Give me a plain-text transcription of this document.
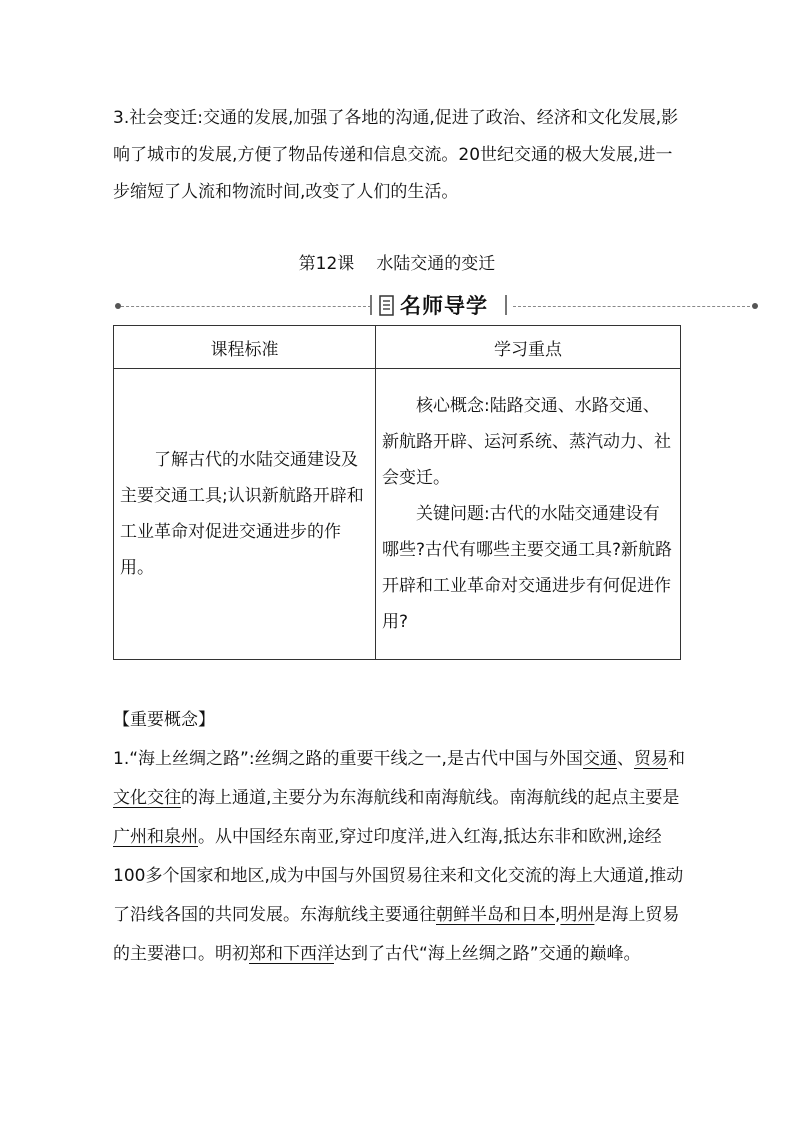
3.社会变迁:交通的发展,加强了各地的沟通,促进了政治、经济和文化发展,影响了城市的发展,方便了物品传递和信息交流。20世纪交通的极大发展,进一步缩短了人流和物流时间,改变了人们的生活。

第12课 水陆交通的变迁
名师导学
课程标准	学习重点

了解古代的水陆交通建设及主要交通工具;认识新航路开辟和工业革命对促进交通进步的作用。	核心概念:陆路交通、水路交通、新航路开辟、运河系统、蒸汽动力、社会变迁。

关键问题:古代的水陆交通建设有哪些?古代有哪些主要交通工具?新航路开辟和工业革命对交通进步有何促进作用?

【重要概念】

1.“海上丝绸之路”:丝绸之路的重要干线之一,是古代中国与外国交通、贸易和文化交往的海上通道,主要分为东海航线和南海航线。南海航线的起点主要是广州和泉州。从中国经东南亚,穿过印度洋,进入红海,抵达东非和欧洲,途经100多个国家和地区,成为中国与外国贸易往来和文化交流的海上大通道,推动了沿线各国的共同发展。东海航线主要通往朝鲜半岛和日本,明州是海上贸易的主要港口。明初郑和下西洋达到了古代“海上丝绸之路”交通的巅峰。
